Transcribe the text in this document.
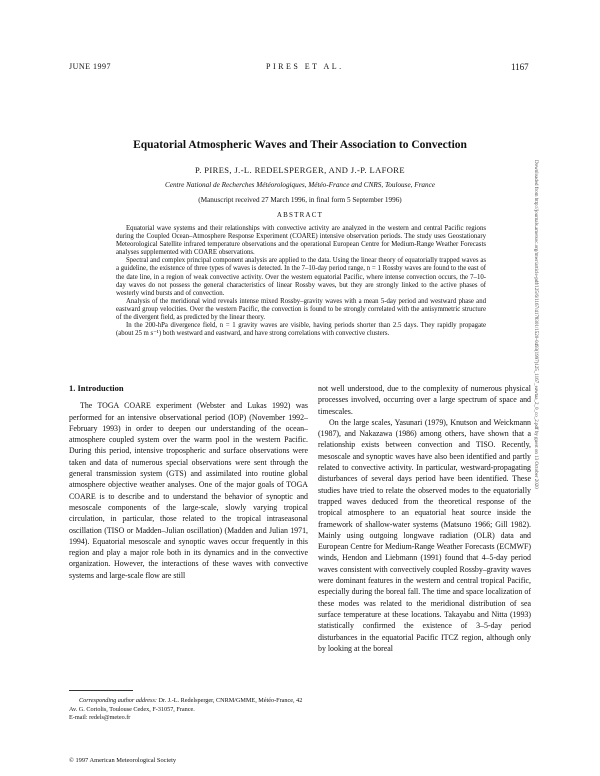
JUNE 1997	PIRES ET AL.	1167
Equatorial Atmospheric Waves and Their Association to Convection
P. PIRES, J.-L. REDELSPERGER, AND J.-P. LAFORE
Centre National de Recherches Météorologiques, Météo-France and CNRS, Toulouse, France
(Manuscript received 27 March 1996, in final form 5 September 1996)
ABSTRACT

Equatorial wave systems and their relationships with convective activity are analyzed in the western and central Pacific regions during the Coupled Ocean–Atmosphere Response Experiment (COARE) intensive observation periods. The study uses Geostationary Meteorological Satellite infrared temperature observations and the operational European Centre for Medium-Range Weather Forecasts analyses supplemented with COARE observations.

Spectral and complex principal component analysis are applied to the data. Using the linear theory of equatorially trapped waves as a guideline, the existence of three types of waves is detected. In the 7–10-day period range, n = 1 Rossby waves are found to the east of the date line, in a region of weak convective activity. Over the western equatorial Pacific, where intense convection occurs, the 7–10-day waves do not possess the general characteristics of linear Rossby waves, but they are strongly linked to the active phases of westerly wind bursts and of convection.

Analysis of the meridional wind reveals intense mixed Rossby–gravity waves with a mean 5-day period and westward phase and eastward group velocities. Over the western Pacific, the convection is found to be strongly correlated with the antisymmetric structure of the divergent field, as predicted by the linear theory.

In the 200-hPa divergence field, n = 1 gravity waves are visible, having periods shorter than 2.5 days. They rapidly propagate (about 25 m s⁻¹) both westward and eastward, and have strong correlations with convective clusters.

1. Introduction

The TOGA COARE experiment (Webster and Lukas 1992) was performed for an intensive observational period (IOP) (November 1992–February 1993) in order to deepen our understanding of the ocean–atmosphere coupled system over the warm pool in the western Pacific. During this period, intensive tropospheric and surface observations were taken and data of numerous special observations were sent through the general transmission system (GTS) and assimilated into routine global atmosphere objective weather analyses. One of the major goals of TOGA COARE is to describe and to understand the behavior of synoptic and mesoscale components of the large-scale, slowly varying tropical circulation, in particular, those related to the tropical intraseasonal oscillation (TISO or Madden–Julian oscillation) (Madden and Julian 1971, 1994). Equatorial mesoscale and synoptic waves occur frequently in this region and play a major role both in its dynamics and in the convective organization. However, the interactions of these waves with convective systems and large-scale flow are still

not well understood, due to the complexity of numerous physical processes involved, occurring over a large spectrum of space and timescales.

On the large scales, Yasunari (1979), Knutson and Weickmann (1987), and Nakazawa (1986) among others, have shown that a relationship exists between convection and TISO. Recently, mesoscale and synoptic waves have also been identified and partly related to convective activity. In particular, westward-propagating disturbances of several days period have been identified. These studies have tried to relate the observed modes to the equatorially trapped waves deduced from the theoretical response of the tropical atmosphere to an equatorial heat source inside the framework of shallow-water systems (Matsuno 1966; Gill 1982). Mainly using outgoing longwave radiation (OLR) data and European Centre for Medium-Range Weather Forecasts (ECMWF) winds, Hendon and Liebmann (1991) found that 4–5-day period waves consistent with convectively coupled Rossby–gravity waves were dominant features in the western and central tropical Pacific, especially during the boreal fall. The time and space localization of these modes was related to the meridional distribution of sea surface temperature at these locations. Takayabu and Nitta (1993) statistically confirmed the existence of 3–5-day period disturbances in the equatorial Pacific ITCZ region, although only by looking at the boreal

Corresponding author address: Dr. J.-L. Redelsperger, CNRM/GMME, Météo-France, 42 Av. G. Coriolis, Toulouse Cedex, F-31057, France.

E-mail: redels@meteo.fr
© 1997 American Meteorological Society
Downloaded from http://journals.ametsoc.org/mwr/article-pdf/125/6/1167/4178301/1520-0493(1997)125_1167_eawtaa_2_0_co_2.pdf by guest on 13 October 2020
